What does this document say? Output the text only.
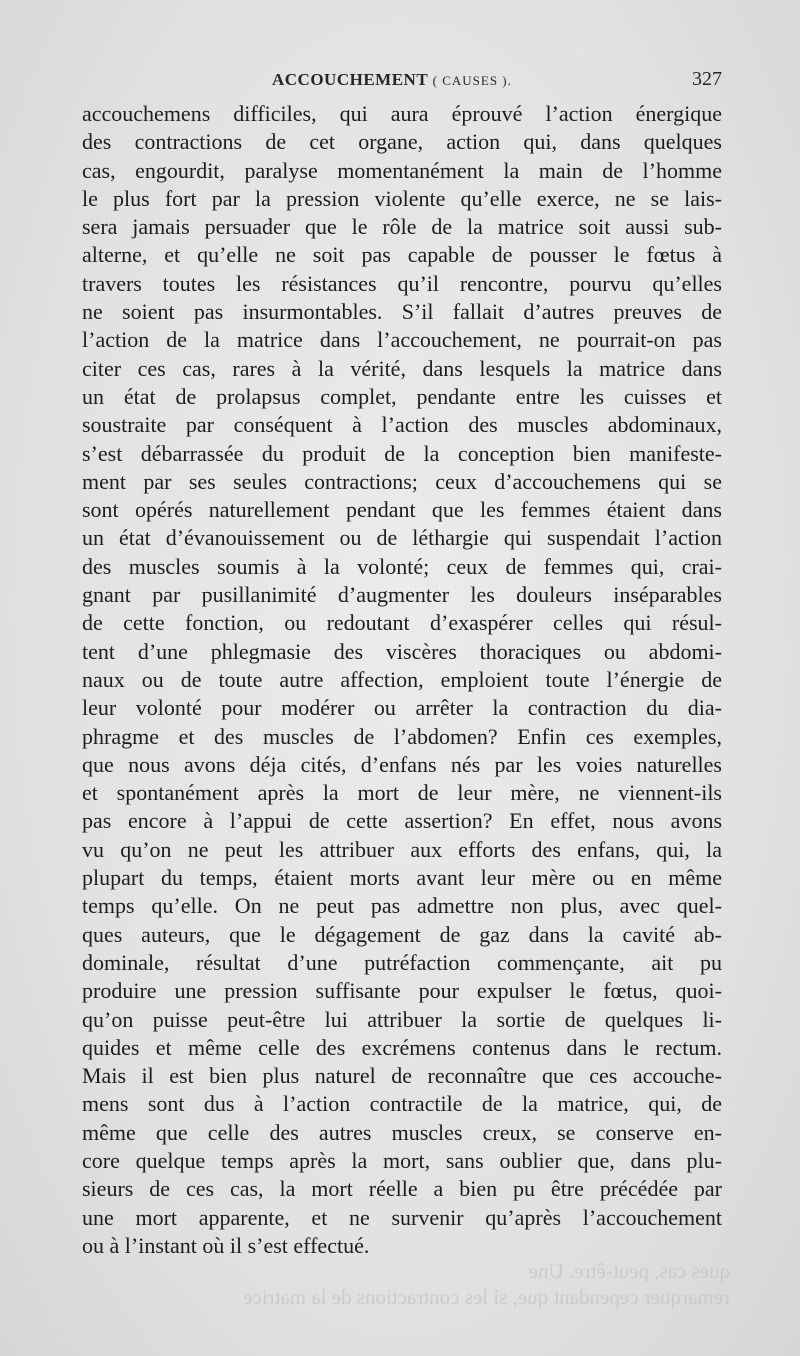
ACCOUCHEMENT ( CAUSES ).	327
accouchemens difficiles, qui aura éprouvé l’action énergique
des contractions de cet organe, action qui, dans quelques
cas, engourdit, paralyse momentanément la main de l’homme
le plus fort par la pression violente qu’elle exerce, ne se lais-
sera jamais persuader que le rôle de la matrice soit aussi sub-
alterne, et qu’elle ne soit pas capable de pousser le fœtus à
travers toutes les résistances qu’il rencontre, pourvu qu’elles
ne soient pas insurmontables. S’il fallait d’autres preuves de
l’action de la matrice dans l’accouchement, ne pourrait-on pas
citer ces cas, rares à la vérité, dans lesquels la matrice dans
un état de prolapsus complet, pendante entre les cuisses et
soustraite par conséquent à l’action des muscles abdominaux,
s’est débarrassée du produit de la conception bien manifeste-
ment par ses seules contractions; ceux d’accouchemens qui se
sont opérés naturellement pendant que les femmes étaient dans
un état d’évanouissement ou de léthargie qui suspendait l’action
des muscles soumis à la volonté; ceux de femmes qui, crai-
gnant par pusillanimité d’augmenter les douleurs inséparables
de cette fonction, ou redoutant d’exaspérer celles qui résul-
tent d’une phlegmasie des viscères thoraciques ou abdomi-
naux ou de toute autre affection, emploient toute l’énergie de
leur volonté pour modérer ou arrêter la contraction du dia-
phragme et des muscles de l’abdomen? Enfin ces exemples,
que nous avons déja cités, d’enfans nés par les voies naturelles
et spontanément après la mort de leur mère, ne viennent-ils
pas encore à l’appui de cette assertion? En effet, nous avons
vu qu’on ne peut les attribuer aux efforts des enfans, qui, la
plupart du temps, étaient morts avant leur mère ou en même
temps qu’elle. On ne peut pas admettre non plus, avec quel-
ques auteurs, que le dégagement de gaz dans la cavité ab-
dominale, résultat d’une putréfaction commençante, ait pu
produire une pression suffisante pour expulser le fœtus, quoi-
qu’on puisse peut-être lui attribuer la sortie de quelques li-
quides et même celle des excrémens contenus dans le rectum.
Mais il est bien plus naturel de reconnaître que ces accouche-
mens sont dus à l’action contractile de la matrice, qui, de
même que celle des autres muscles creux, se conserve en-
core quelque temps après la mort, sans oublier que, dans plu-
sieurs de ces cas, la mort réelle a bien pu être précédée par
une mort apparente, et ne survenir qu’après l’accouchement
ou à l’instant où il s’est effectué.
ques cas, peut-être. Une
remarquer cependant que, si les contractions de la matrice
